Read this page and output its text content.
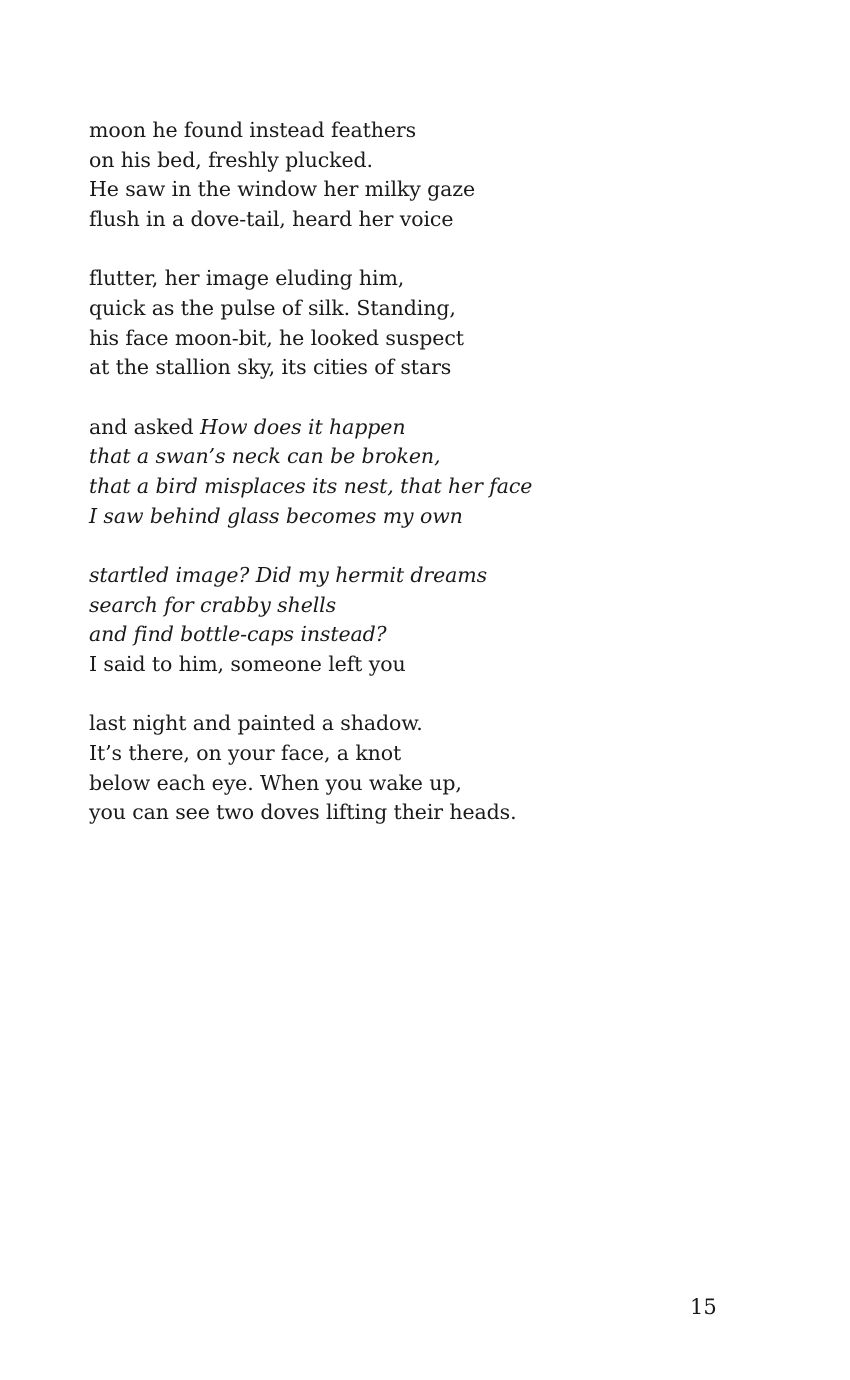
moon he found instead feathers
on his bed, freshly plucked.
He saw in the window her milky gaze
flush in a dove-tail, heard her voice
flutter, her image eluding him,
quick as the pulse of silk. Standing,
his face moon-bit, he looked suspect
at the stallion sky, its cities of stars
and asked How does it happen
that a swan’s neck can be broken,
that a bird misplaces its nest, that her face
I saw behind glass becomes my own
startled image? Did my hermit dreams
search for crabby shells
and find bottle-caps instead?
I said to him, someone left you
last night and painted a shadow.
It’s there, on your face, a knot
below each eye. When you wake up,
you can see two doves lifting their heads.
15
